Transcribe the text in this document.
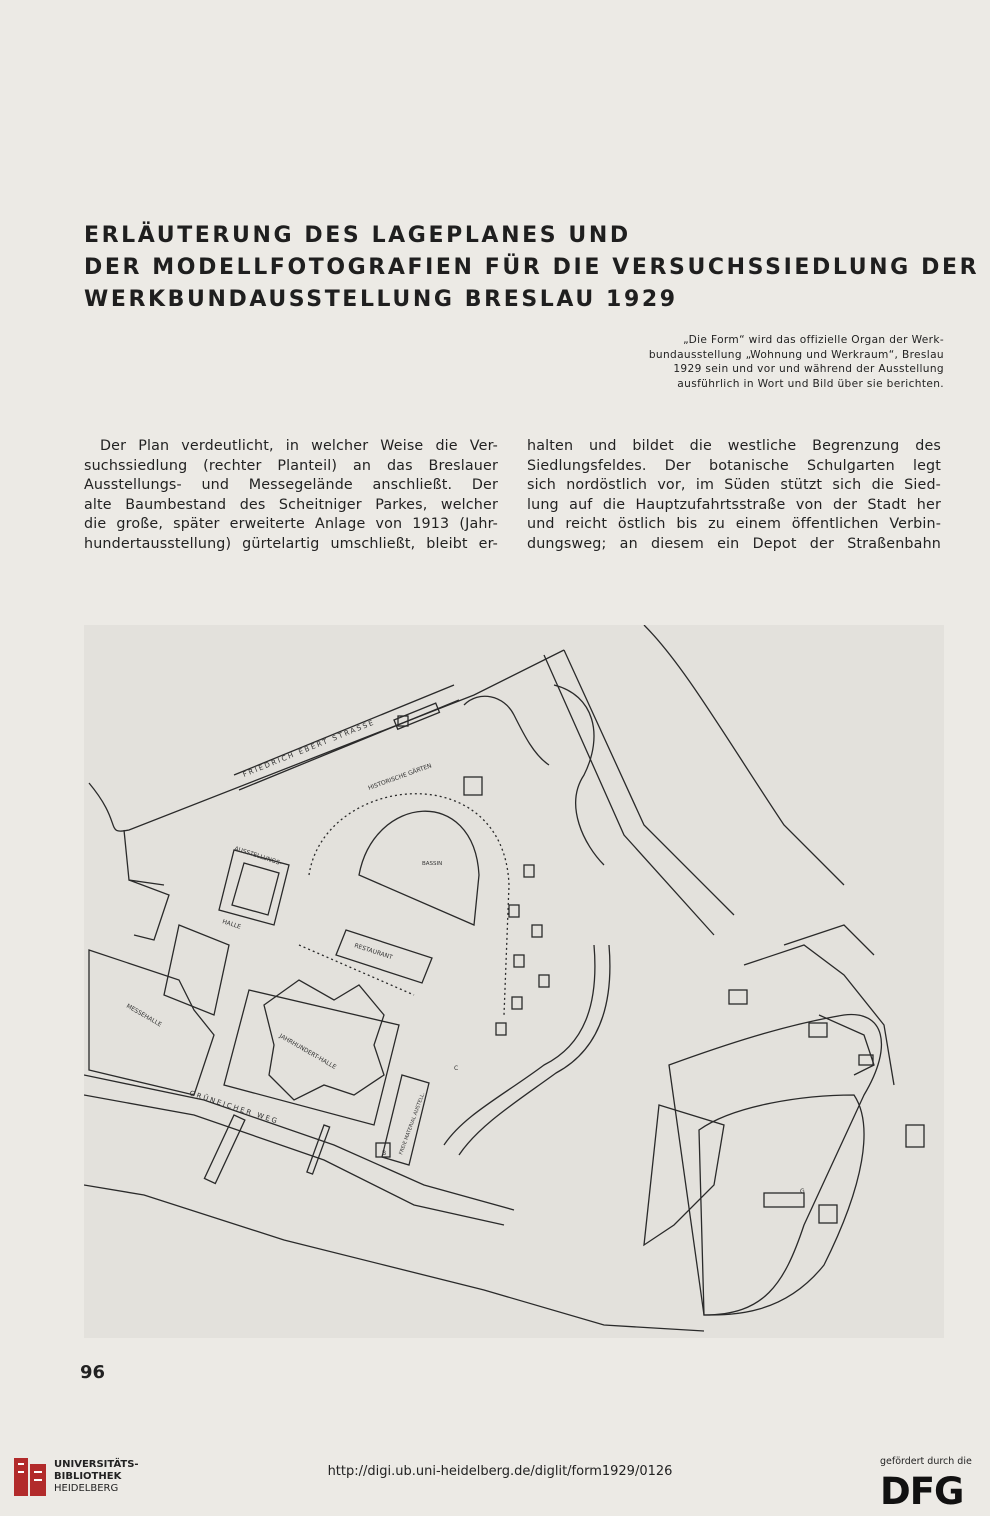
ERLÄUTERUNG DES LAGEPLANES UND
DER MODELLFOTOGRAFIEN FÜR DIE VERSUCHSSIEDLUNG DER
WERKBUNDAUSSTELLUNG BRESLAU 1929
„Die Form“ wird das offizielle Organ der Werk-
bundausstellung „Wohnung und Werkraum“, Breslau
1929 sein und vor und während der Ausstellung
ausführlich in Wort und Bild über sie berichten.
Der Plan verdeutlicht, in welcher Weise die Ver-
suchssiedlung (rechter Planteil) an das Breslauer
Ausstellungs- und Messegelände anschließt. Der
alte Baumbestand des Scheitniger Parkes, welcher
die große, später erweiterte Anlage von 1913 (Jahr-
hundertausstellung) gürtelartig umschließt, bleibt er-
halten und bildet die westliche Begrenzung des
Siedlungsfeldes. Der botanische Schulgarten legt
sich nordöstlich vor, im Süden stützt sich die Sied-
lung auf die Hauptzufahrtsstraße von der Stadt her
und reicht östlich bis zu einem öffentlichen Verbin-
dungsweg; an diesem ein Depot der Straßenbahn
FRIEDRICH EBERT STRASSE
GRÜNEICHER WEG
HISTORISCHE GÄRTEN
BASSIN
RESTAURANT
AUSSTELLUNGS-
HALLE
MESSEHALLE
JAHRHUNDERT-HALLE
FREIE MATERIAL AUSTELL.
G
B
C
96
UNIVERSITÄTS-
BIBLIOTHEK
HEIDELBERG
http://digi.ub.uni-heidelberg.de/diglit/form1929/0126
gefördert durch die
DFG
